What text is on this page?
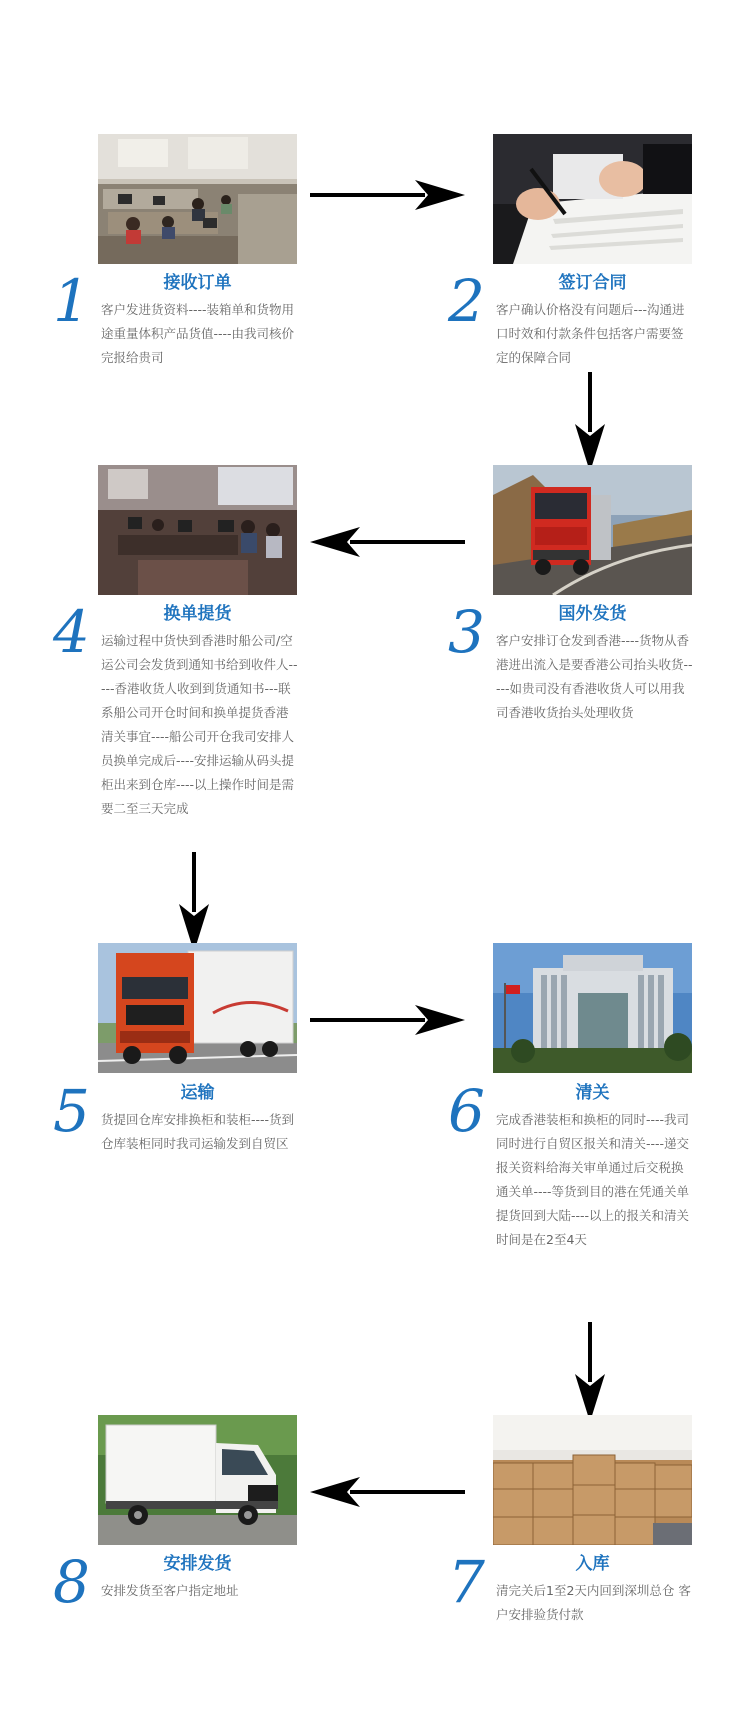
1	接收订单
客户发进货资料----装箱单和货物用途重量体积产品货值----由我司核价完报给贵司
2	签订合同
客户确认价格没有问题后---沟通进口时效和付款条件包括客户需要签定的保障合同
3	国外发货
客户安排订仓发到香港----货物从香港进出流入是要香港公司抬头收货-----如贵司没有香港收货人可以用我司香港收货抬头处理收货
4	换单提货
运输过程中货快到香港时船公司/空运公司会发货到通知书给到收件人-----香港收货人收到到货通知书---联系船公司开仓时间和换单提货香港清关事宜----船公司开仓我司安排人员换单完成后----安排运输从码头提柜出来到仓库----以上操作时间是需要二至三天完成
5	运输
货提回仓库安排换柜和装柜----货到仓库装柜同时我司运输发到自贸区	6	清关
完成香港装柜和换柜的同时----我司同时进行自贸区报关和清关----递交报关资料给海关审单通过后交税换通关单----等货到目的港在凭通关单提货回到大陆----以上的报关和清关时间是在2至4天
7	入库
清完关后1至2天内回到深圳总仓 客户安排验货付款
8	安排发货
安排发货至客户指定地址
